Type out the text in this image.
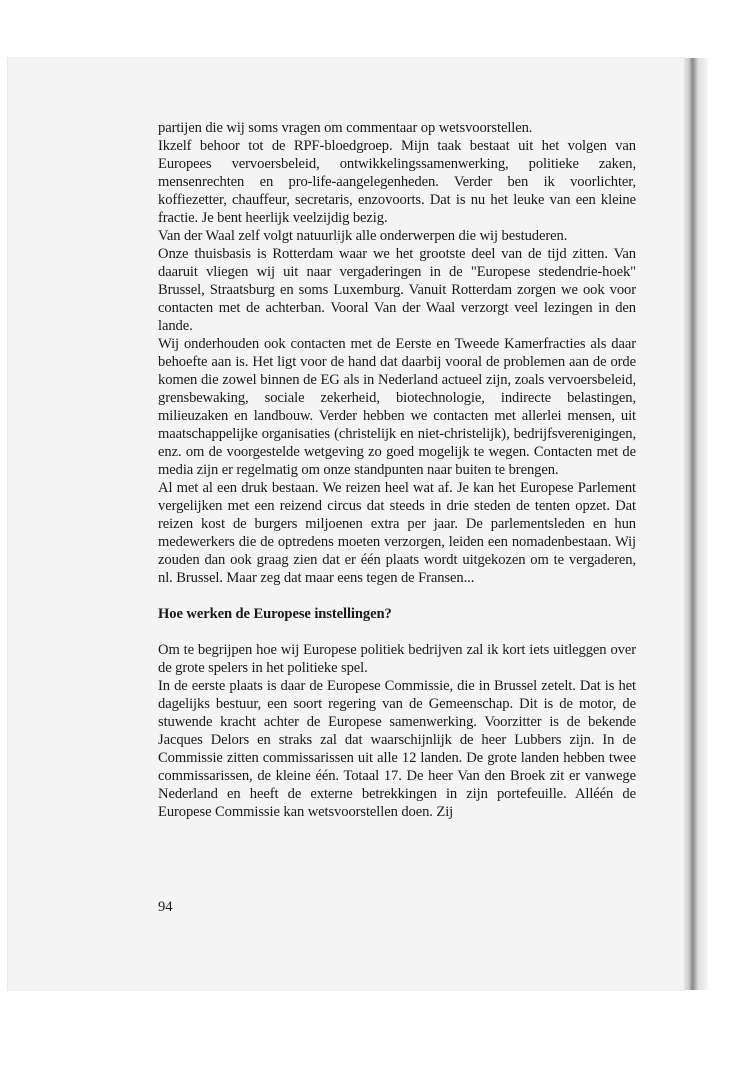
partijen die wij soms vragen om commentaar op wetsvoorstellen.

Ikzelf behoor tot de RPF-bloedgroep. Mijn taak bestaat uit het volgen van Europees vervoersbeleid, ontwikkelingssamenwerking, politieke zaken, mensenrechten en pro-life-aangelegenheden. Verder ben ik voorlichter, koffiezetter, chauffeur, secretaris, enzovoorts. Dat is nu het leuke van een kleine fractie. Je bent heerlijk veelzijdig bezig.

Van der Waal zelf volgt natuurlijk alle onderwerpen die wij bestuderen.

Onze thuisbasis is Rotterdam waar we het grootste deel van de tijd zitten. Van daaruit vliegen wij uit naar vergaderingen in de "Europese stedendrie-hoek" Brussel, Straatsburg en soms Luxemburg. Vanuit Rotterdam zorgen we ook voor contacten met de achterban. Vooral Van der Waal verzorgt veel lezingen in den lande.

Wij onderhouden ook contacten met de Eerste en Tweede Kamerfracties als daar behoefte aan is. Het ligt voor de hand dat daarbij vooral de problemen aan de orde komen die zowel binnen de EG als in Nederland actueel zijn, zoals vervoersbeleid, grensbewaking, sociale zekerheid, biotechnologie, indirecte belastingen, milieuzaken en landbouw. Verder hebben we contacten met allerlei mensen, uit maatschappelijke organisaties (christelijk en niet-christelijk), bedrijfsverenigingen, enz. om de voorgestelde wetgeving zo goed mogelijk te wegen. Contacten met de media zijn er regelmatig om onze standpunten naar buiten te brengen.

Al met al een druk bestaan. We reizen heel wat af. Je kan het Europese Parlement vergelijken met een reizend circus dat steeds in drie steden de tenten opzet. Dat reizen kost de burgers miljoenen extra per jaar. De parlementsleden en hun medewerkers die de optredens moeten verzorgen, leiden een nomadenbestaan. Wij zouden dan ook graag zien dat er één plaats wordt uitgekozen om te vergaderen, nl. Brussel. Maar zeg dat maar eens tegen de Fransen...

Hoe werken de Europese instellingen?

Om te begrijpen hoe wij Europese politiek bedrijven zal ik kort iets uitleggen over de grote spelers in het politieke spel.

In de eerste plaats is daar de Europese Commissie, die in Brussel zetelt. Dat is het dagelijks bestuur, een soort regering van de Gemeenschap. Dit is de motor, de stuwende kracht achter de Europese samenwerking. Voorzitter is de bekende Jacques Delors en straks zal dat waarschijnlijk de heer Lubbers zijn. In de Commissie zitten commissarissen uit alle 12 landen. De grote landen hebben twee commissarissen, de kleine één. Totaal 17. De heer Van den Broek zit er vanwege Nederland en heeft de externe betrekkingen in zijn portefeuille. Alléén de Europese Commissie kan wetsvoorstellen doen. Zij

94
